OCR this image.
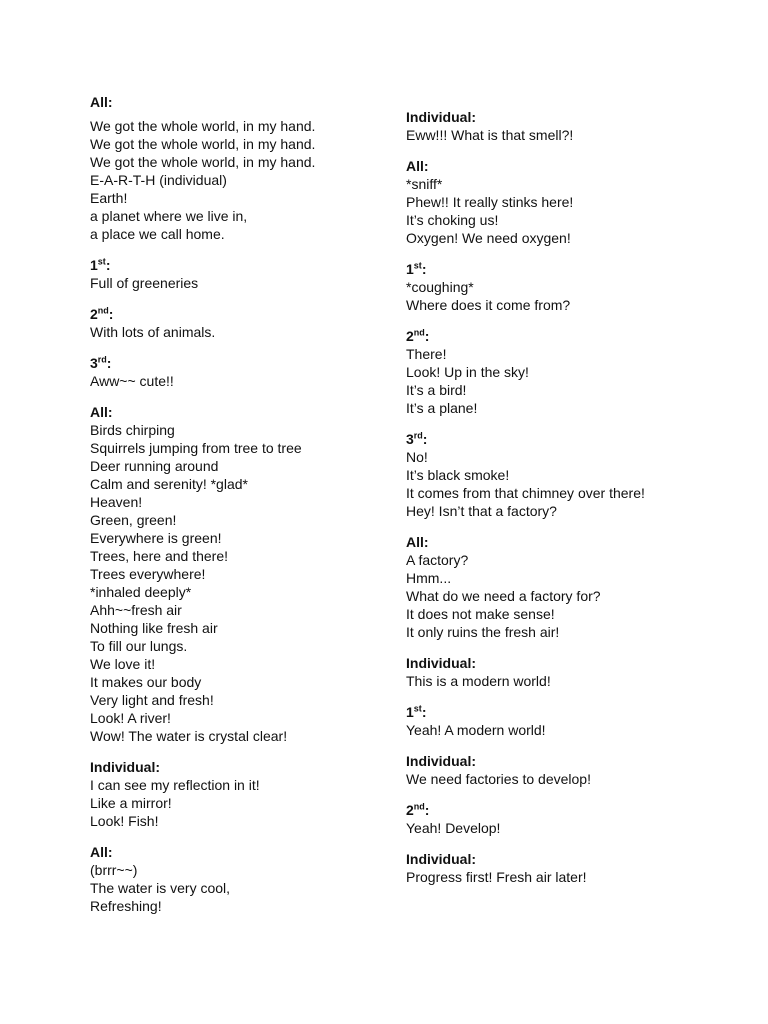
All:
We got the whole world, in my hand.
We got the whole world, in my hand.
We got the whole world, in my hand.
E-A-R-T-H (individual)
Earth!
a planet where we live in,
a place we call home.
1st:
Full of greeneries
2nd:
With lots of animals.
3rd:
Aww~~ cute!!
All:
Birds chirping
Squirrels jumping from tree to tree
Deer running around
Calm and serenity! *glad*
Heaven!
Green, green!
Everywhere is green!
Trees, here and there!
Trees everywhere!
*inhaled deeply*
Ahh~~fresh air
Nothing like fresh air
To fill our lungs.
We love it!
It makes our body
Very light and fresh!
Look! A river!
Wow! The water is crystal clear!
Individual:
I can see my reflection in it!
Like a mirror!
Look! Fish!
All:
(brrr~~)
The water is very cool,
Refreshing!
Individual:
Eww!!! What is that smell?!
All:
*sniff*
Phew!! It really stinks here!
It’s choking us!
Oxygen! We need oxygen!
1st:
*coughing*
Where does it come from?
2nd:
There!
Look! Up in the sky!
It’s a bird!
It’s a plane!
3rd:
No!
It’s black smoke!
It comes from that chimney over there!
Hey! Isn’t that a factory?
All:
A factory?
Hmm...
What do we need a factory for?
It does not make sense!
It only ruins the fresh air!
Individual:
This is a modern world!
1st:
Yeah! A modern world!
Individual:
We need factories to develop!
2nd:
Yeah! Develop!
Individual:
Progress first! Fresh air later!
